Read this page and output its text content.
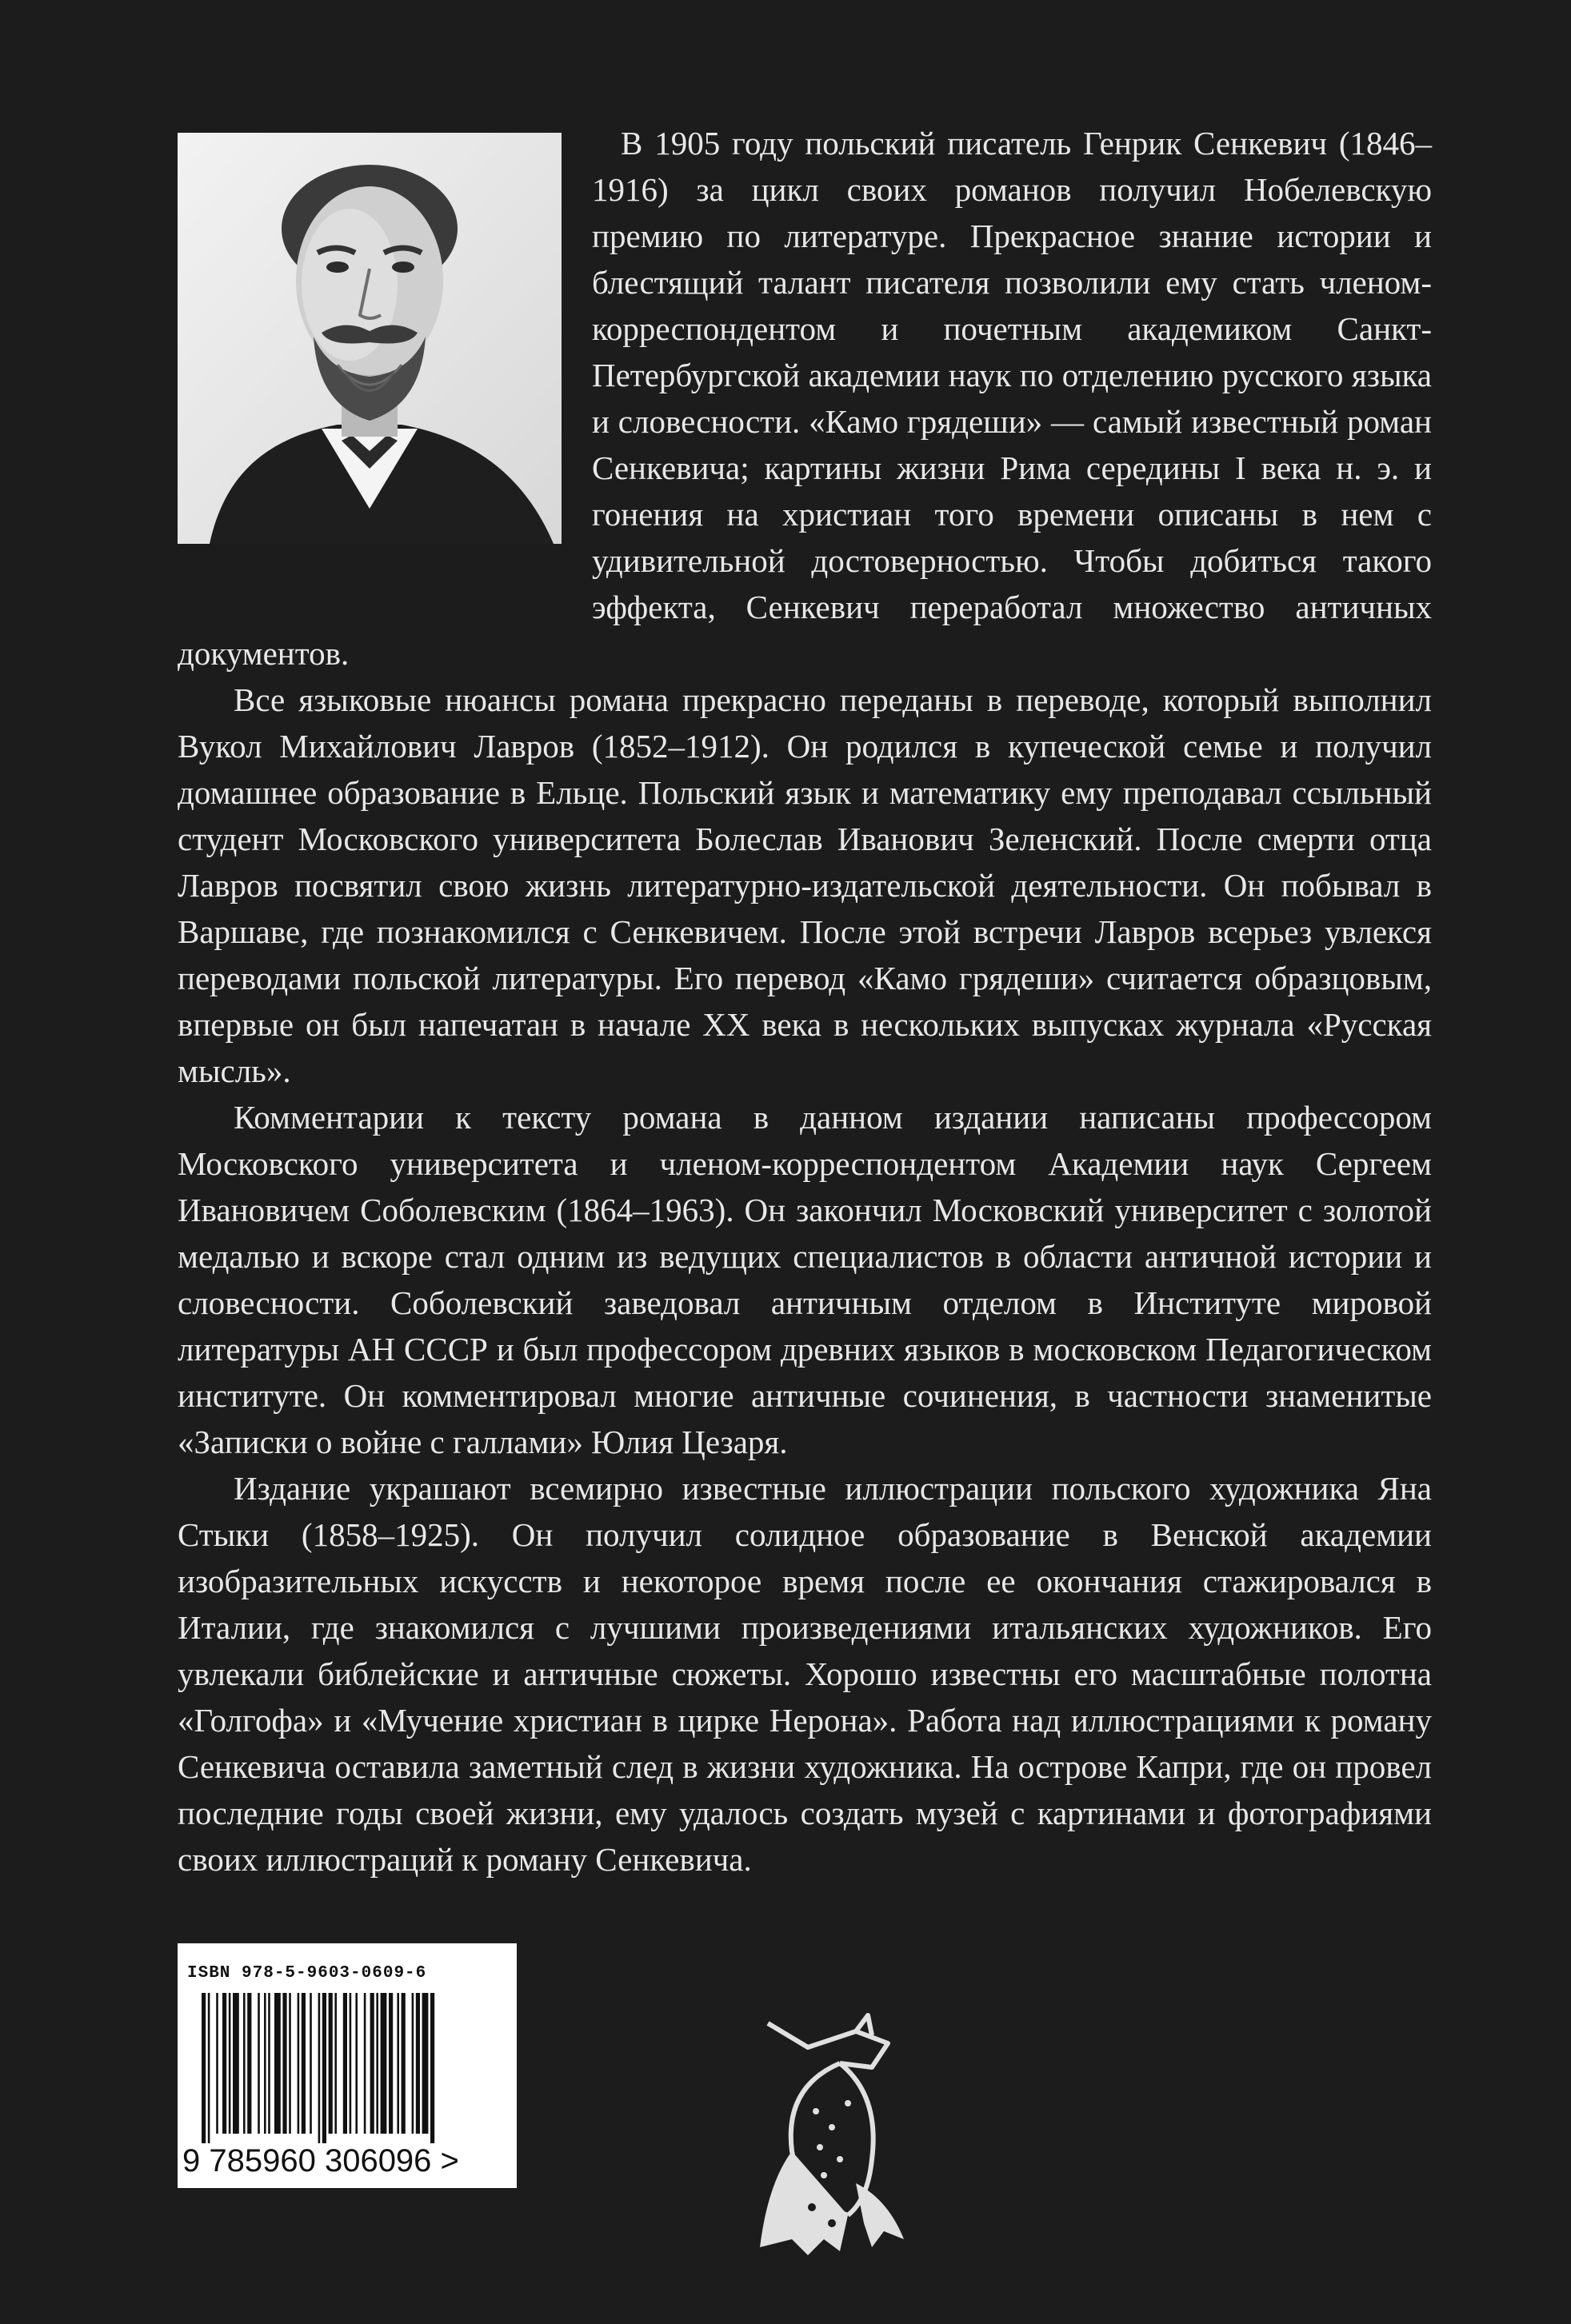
В 1905 году польский писатель Генрик Сенкевич (1846–1916) за цикл своих романов получил Нобелевскую премию по литературе. Прекрасное знание истории и блестящий талант писателя позволили ему стать членом-корреспондентом и почетным академиком Санкт-Петербургской академии наук по отделению русского языка и словесности. «Камо грядеши» — самый известный роман Сенкевича; картины жизни Рима середины I века н. э. и гонения на христиан того времени описаны в нем с удивительной достоверностью. Чтобы добиться такого эффекта, Сенкевич переработал множество античных документов.

Все языковые нюансы романа прекрасно переданы в переводе, который выполнил Вукол Михайлович Лавров (1852–1912). Он родился в купеческой семье и получил домашнее образование в Ельце. Польский язык и математику ему преподавал ссыльный студент Московского университета Болеслав Иванович Зеленский. После смерти отца Лавров посвятил свою жизнь литературно-издательской деятельности. Он побывал в Варшаве, где познакомился с Сенкевичем. После этой встречи Лавров всерьез увлекся переводами польской литературы. Его перевод «Камо грядеши» считается образцовым, впервые он был напечатан в начале XX века в нескольких выпусках журнала «Русская мысль».

Комментарии к тексту романа в данном издании написаны профессором Московского университета и членом-корреспондентом Академии наук Сергеем Ивановичем Соболевским (1864–1963). Он закончил Московский университет с золотой медалью и вскоре стал одним из ведущих специалистов в области античной истории и словесности. Соболевский заведовал античным отделом в Институте мировой литературы АН СССР и был профессором древних языков в московском Педагогическом институте. Он комментировал многие античные сочинения, в частности знаменитые «Записки о войне с галлами» Юлия Цезаря.

Издание украшают всемирно известные иллюстрации польского художника Яна Стыки (1858–1925). Он получил солидное образование в Венской академии изобразительных искусств и некоторое время после ее окончания стажировался в Италии, где знакомился с лучшими произведениями итальянских художников. Его увлекали библейские и античные сюжеты. Хорошо известны его масштабные полотна «Голгофа» и «Мучение христиан в цирке Нерона». Работа над иллюстрациями к роману Сенкевича оставила заметный след в жизни художника. На острове Капри, где он провел последние годы своей жизни, ему удалось создать музей с картинами и фотографиями своих иллюстраций к роману Сенкевича.

ISBN 978-5-9603-0609-6
9 785960 306096 >
